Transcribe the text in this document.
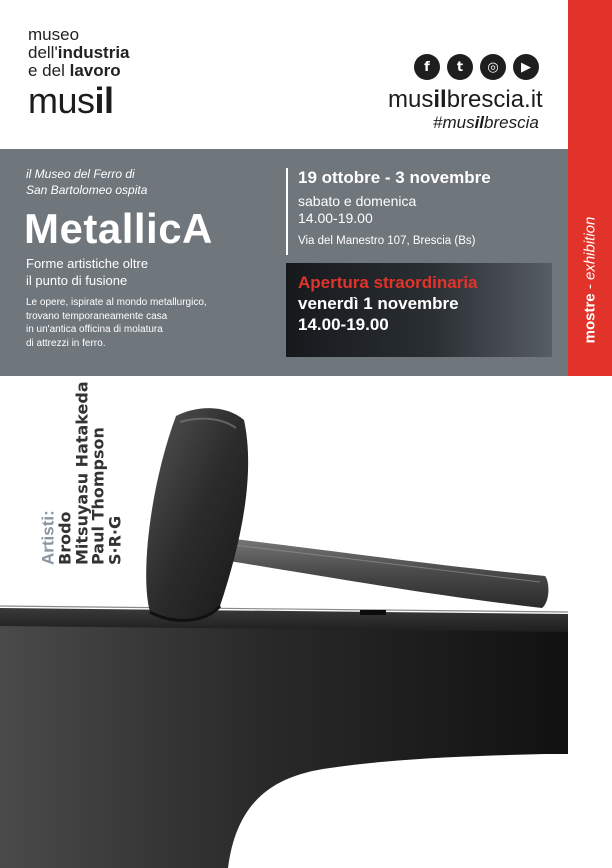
museo
dell'industria
e del lavoro
musil
f	t	◎	▶
musilbrescia.it
#musilbrescia
mostre - exhibition
il Museo del Ferro di
San Bartolomeo ospita
MetallicA
Forme artistiche oltre
il punto di fusione
Le opere, ispirate al mondo metallurgico,
trovano temporaneamente casa
in un'antica officina di molatura
di attrezzi in ferro.
19 ottobre - 3 novembre
sabato e domenica
14.00-19.00
Via del Manestro 107, Brescia (Bs)
Apertura straordinaria
venerdì 1 novembre
14.00-19.00
Artisti:
Brodo
Mitsuyasu Hatakeda
Paul Thompson
S·R·G
